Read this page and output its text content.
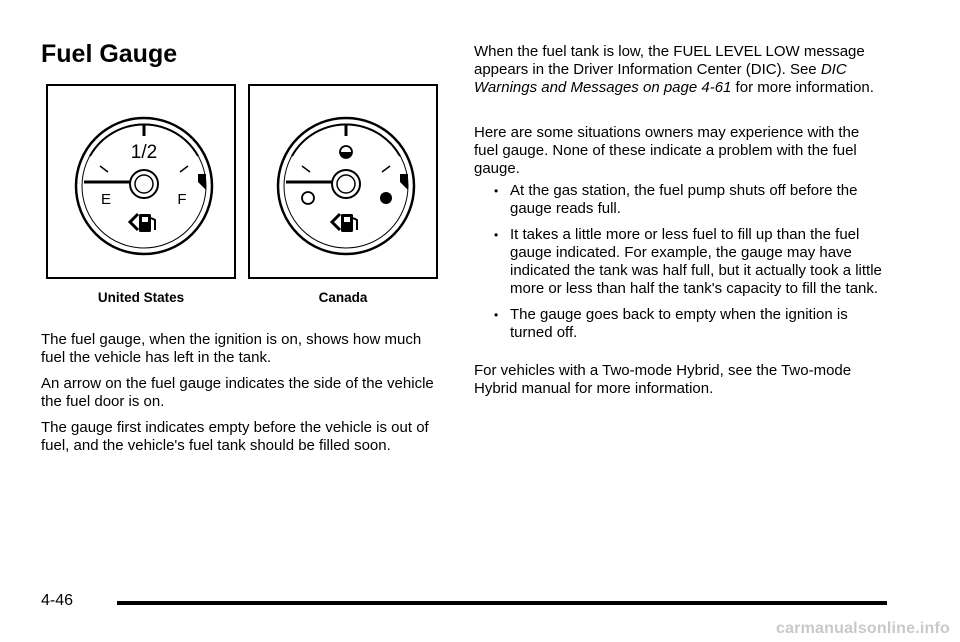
Fuel Gauge
1/2
E	F
United States	Canada

The fuel gauge, when the ignition is on, shows how much fuel the vehicle has left in the tank.

An arrow on the fuel gauge indicates the side of the vehicle the fuel door is on.

The gauge first indicates empty before the vehicle is out of fuel, and the vehicle's fuel tank should be filled soon.

When the fuel tank is low, the FUEL LEVEL LOW message appears in the Driver Information Center (DIC). See DIC Warnings and Messages on page 4-61 for more information.

Here are some situations owners may experience with the fuel gauge. None of these indicate a problem with the fuel gauge.

• At the gas station, the fuel pump shuts off before the gauge reads full.
• It takes a little more or less fuel to fill up than the fuel gauge indicated. For example, the gauge may have indicated the tank was half full, but it actually took a little more or less than half the tank's capacity to fill the tank.
• The gauge goes back to empty when the ignition is turned off.

For vehicles with a Two-mode Hybrid, see the Two-mode Hybrid manual for more information.

4-46
carmanualsonline.info
